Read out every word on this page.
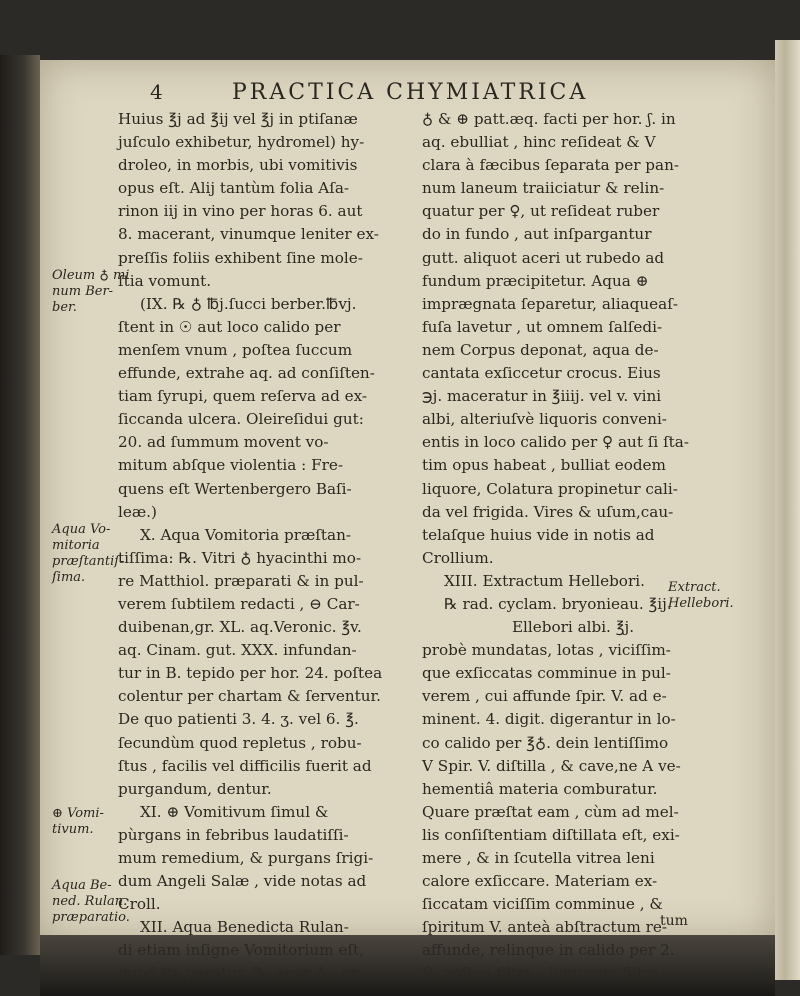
4	PRACTICA CHYMIATRICA
Huius ℥j ad ℥ij vel ℥j in ptiſanæ
juſculo exhibetur, hydromel) hy-
droleo, in morbis, ubi vomitivis
opus eſt. Alij tantùm folia Aſa-
rinon iij in vino per horas 6. aut
8. macerant, vinumque leniter ex-
preſſis foliis exhibent ſine mole-
ſtia vomunt.
(IX. ℞ ♁ ℔j.ſucci berber.℔vj.
ſtent in ☉ aut loco calido per
menſem vnum , poſtea ſuccum
effunde, extrahe aq. ad conſiſten-
tiam ſyrupi, quem reſerva ad ex-
ſiccanda ulcera. Oleireſidui gut:
20. ad ſummum movent vo-
mitum abſque violentia : Fre-
quens eſt Wertenbergero Baſi-
leæ.)
X. Aqua Vomitoria præſtan-
tiſſima: ℞. Vitri ♁ hyacinthi mo-
re Matthiol. præparati & in pul-
verem ſubtilem redacti , ⊖ Car-
duibenan,gr. XL. aq.Veronic. ℥v.
aq. Cinam. gut. XXX. infundan-
tur in B. tepido per hor. 24. poſtea
colentur per chartam & ſerventur.
De quo patienti 3. 4. ʒ. vel 6. ℥.
ſecundùm quod repletus , robu-
ſtus , facilis vel difficilis fuerit ad
purgandum, dentur.
XI. ⊕ Vomitivum ſimul &
pùrgans in febribus laudatiſſi-
mum remedium, & purgans ſrigi-
dum Angeli Salæ , vide notas ad
Croll.
XII. Aqua Benedicta Rulan-
di etiam inſigne Vomitorium eſt,
quod ita paratur. ℞. epar ♁ ; ex
♁ & ⊕ patt.æq. facti per hor. ʃ. in
aq. ebulliat , hinc reſideat & V
clara à fæcibus ſeparata per pan-
num laneum traiiciatur & relin-
quatur per ♀, ut reſideat ruber
do in fundo , aut inſpargantur
gutt. aliquot aceri ut rubedo ad
fundum præcipitetur. Aqua ⊕
imprægnata ſeparetur, aliaqueaſ-
fuſa lavetur , ut omnem ſalſedi-
nem Corpus deponat, aqua de-
cantata exſiccetur crocus. Eius
℈j. maceratur in ℥iiij. vel v. vini
albi, alteriuſvè liquoris conveni-
entis in loco calido per ♀ aut ſi ſta-
tim opus habeat , bulliat eodem
liquore, Colatura propinetur cali-
da vel frigida. Vires & uſum,cau-
telaſque huius vide in notis ad
Crollium.
XIII. Extractum Hellebori.
℞ rad. cyclam. bryonieau. ℥ij.
Ellebori albi. ℥j.
probè mundatas, lotas , viciſſim-
que exſiccatas comminue in pul-
verem , cui affunde ſpir. V. ad e-
minent. 4. digit. digerantur in lo-
co calido per ℥♁. dein lentiſſimo
V Spir. V. diſtilla , & cave,ne A ve-
hementiâ materia comburatur.
Quare præſtat eam , cùm ad mel-
lis conſiſtentiam diſtillata eſt, exi-
mere , & in ſcutella vitrea leni
calore exſiccare. Materiam ex-
ſiccatam viciſſim comminue , &
ſpiritum V. anteà abſtractum re-
affunde, relinque in calido per 2.
♀, poſtea filtra , liquorem filtra-
Oleum ♁ mi
num Ber-
ber.
Aqua Vo-
mitoria
præſtantiſ-
ſima.
⊕ Vomi-
tivum.
Aqua Be-
ned. Rulan.
præparatio.
Extract.
Hellebori.
tum
